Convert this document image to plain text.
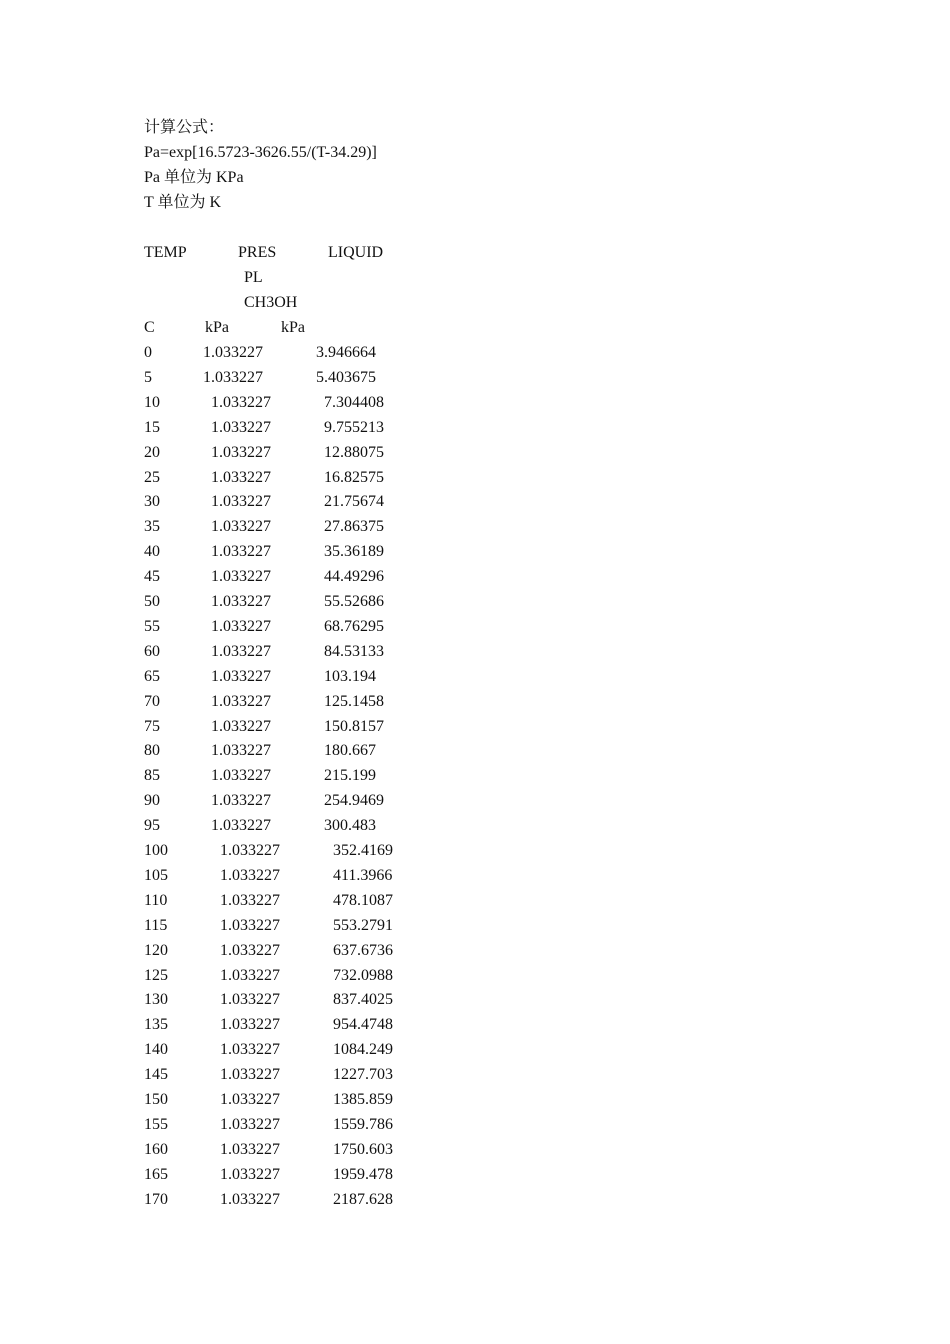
计算公式：
Pa=exp[16.5723-3626.55/(T-34.29)]
Pa 单位为 KPa
T 单位为 K
TEMP	PRES	LIQUID
PL
CH3OH
C	kPa	kPa
0	1.033227	3.946664
5	1.033227	5.403675
10	1.033227	7.304408
15	1.033227	9.755213
20	1.033227	12.88075
25	1.033227	16.82575
30	1.033227	21.75674
35	1.033227	27.86375
40	1.033227	35.36189
45	1.033227	44.49296
50	1.033227	55.52686
55	1.033227	68.76295
60	1.033227	84.53133
65	1.033227	103.194
70	1.033227	125.1458
75	1.033227	150.8157
80	1.033227	180.667
85	1.033227	215.199
90	1.033227	254.9469
95	1.033227	300.483
100	1.033227	352.4169
105	1.033227	411.3966
110	1.033227	478.1087
115	1.033227	553.2791
120	1.033227	637.6736
125	1.033227	732.0988
130	1.033227	837.4025
135	1.033227	954.4748
140	1.033227	1084.249
145	1.033227	1227.703
150	1.033227	1385.859
155	1.033227	1559.786
160	1.033227	1750.603
165	1.033227	1959.478
170	1.033227	2187.628
